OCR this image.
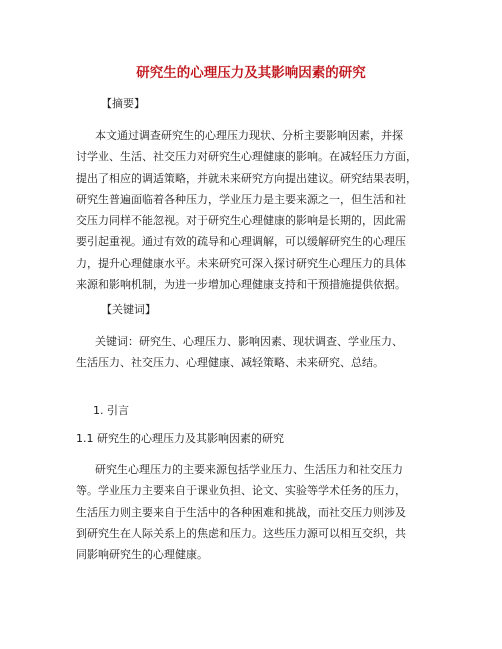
研究生的心理压力及其影响因素的研究
【摘要】
本文通过调查研究生的心理压力现状、分析主要影响因素，并探
讨学业、生活、社交压力对研究生心理健康的影响。在减轻压力方面，
提出了相应的调适策略，并就未来研究方向提出建议。研究结果表明，
研究生普遍面临着各种压力，学业压力是主要来源之一，但生活和社
交压力同样不能忽视。对于研究生心理健康的影响是长期的，因此需
要引起重视。通过有效的疏导和心理调解，可以缓解研究生的心理压
力，提升心理健康水平。未来研究可深入探讨研究生心理压力的具体
来源和影响机制，为进一步增加心理健康支持和干预措施提供依据。
【关键词】
关键词：研究生、心理压力、影响因素、现状调查、学业压力、
生活压力、社交压力、心理健康、减轻策略、未来研究、总结。
1. 引言
1.1 研究生的心理压力及其影响因素的研究
研究生心理压力的主要来源包括学业压力、生活压力和社交压力
等。学业压力主要来自于课业负担、论文、实验等学术任务的压力，
生活压力则主要来自于生活中的各种困难和挑战，而社交压力则涉及
到研究生在人际关系上的焦虑和压力。这些压力源可以相互交织，共
同影响研究生的心理健康。
